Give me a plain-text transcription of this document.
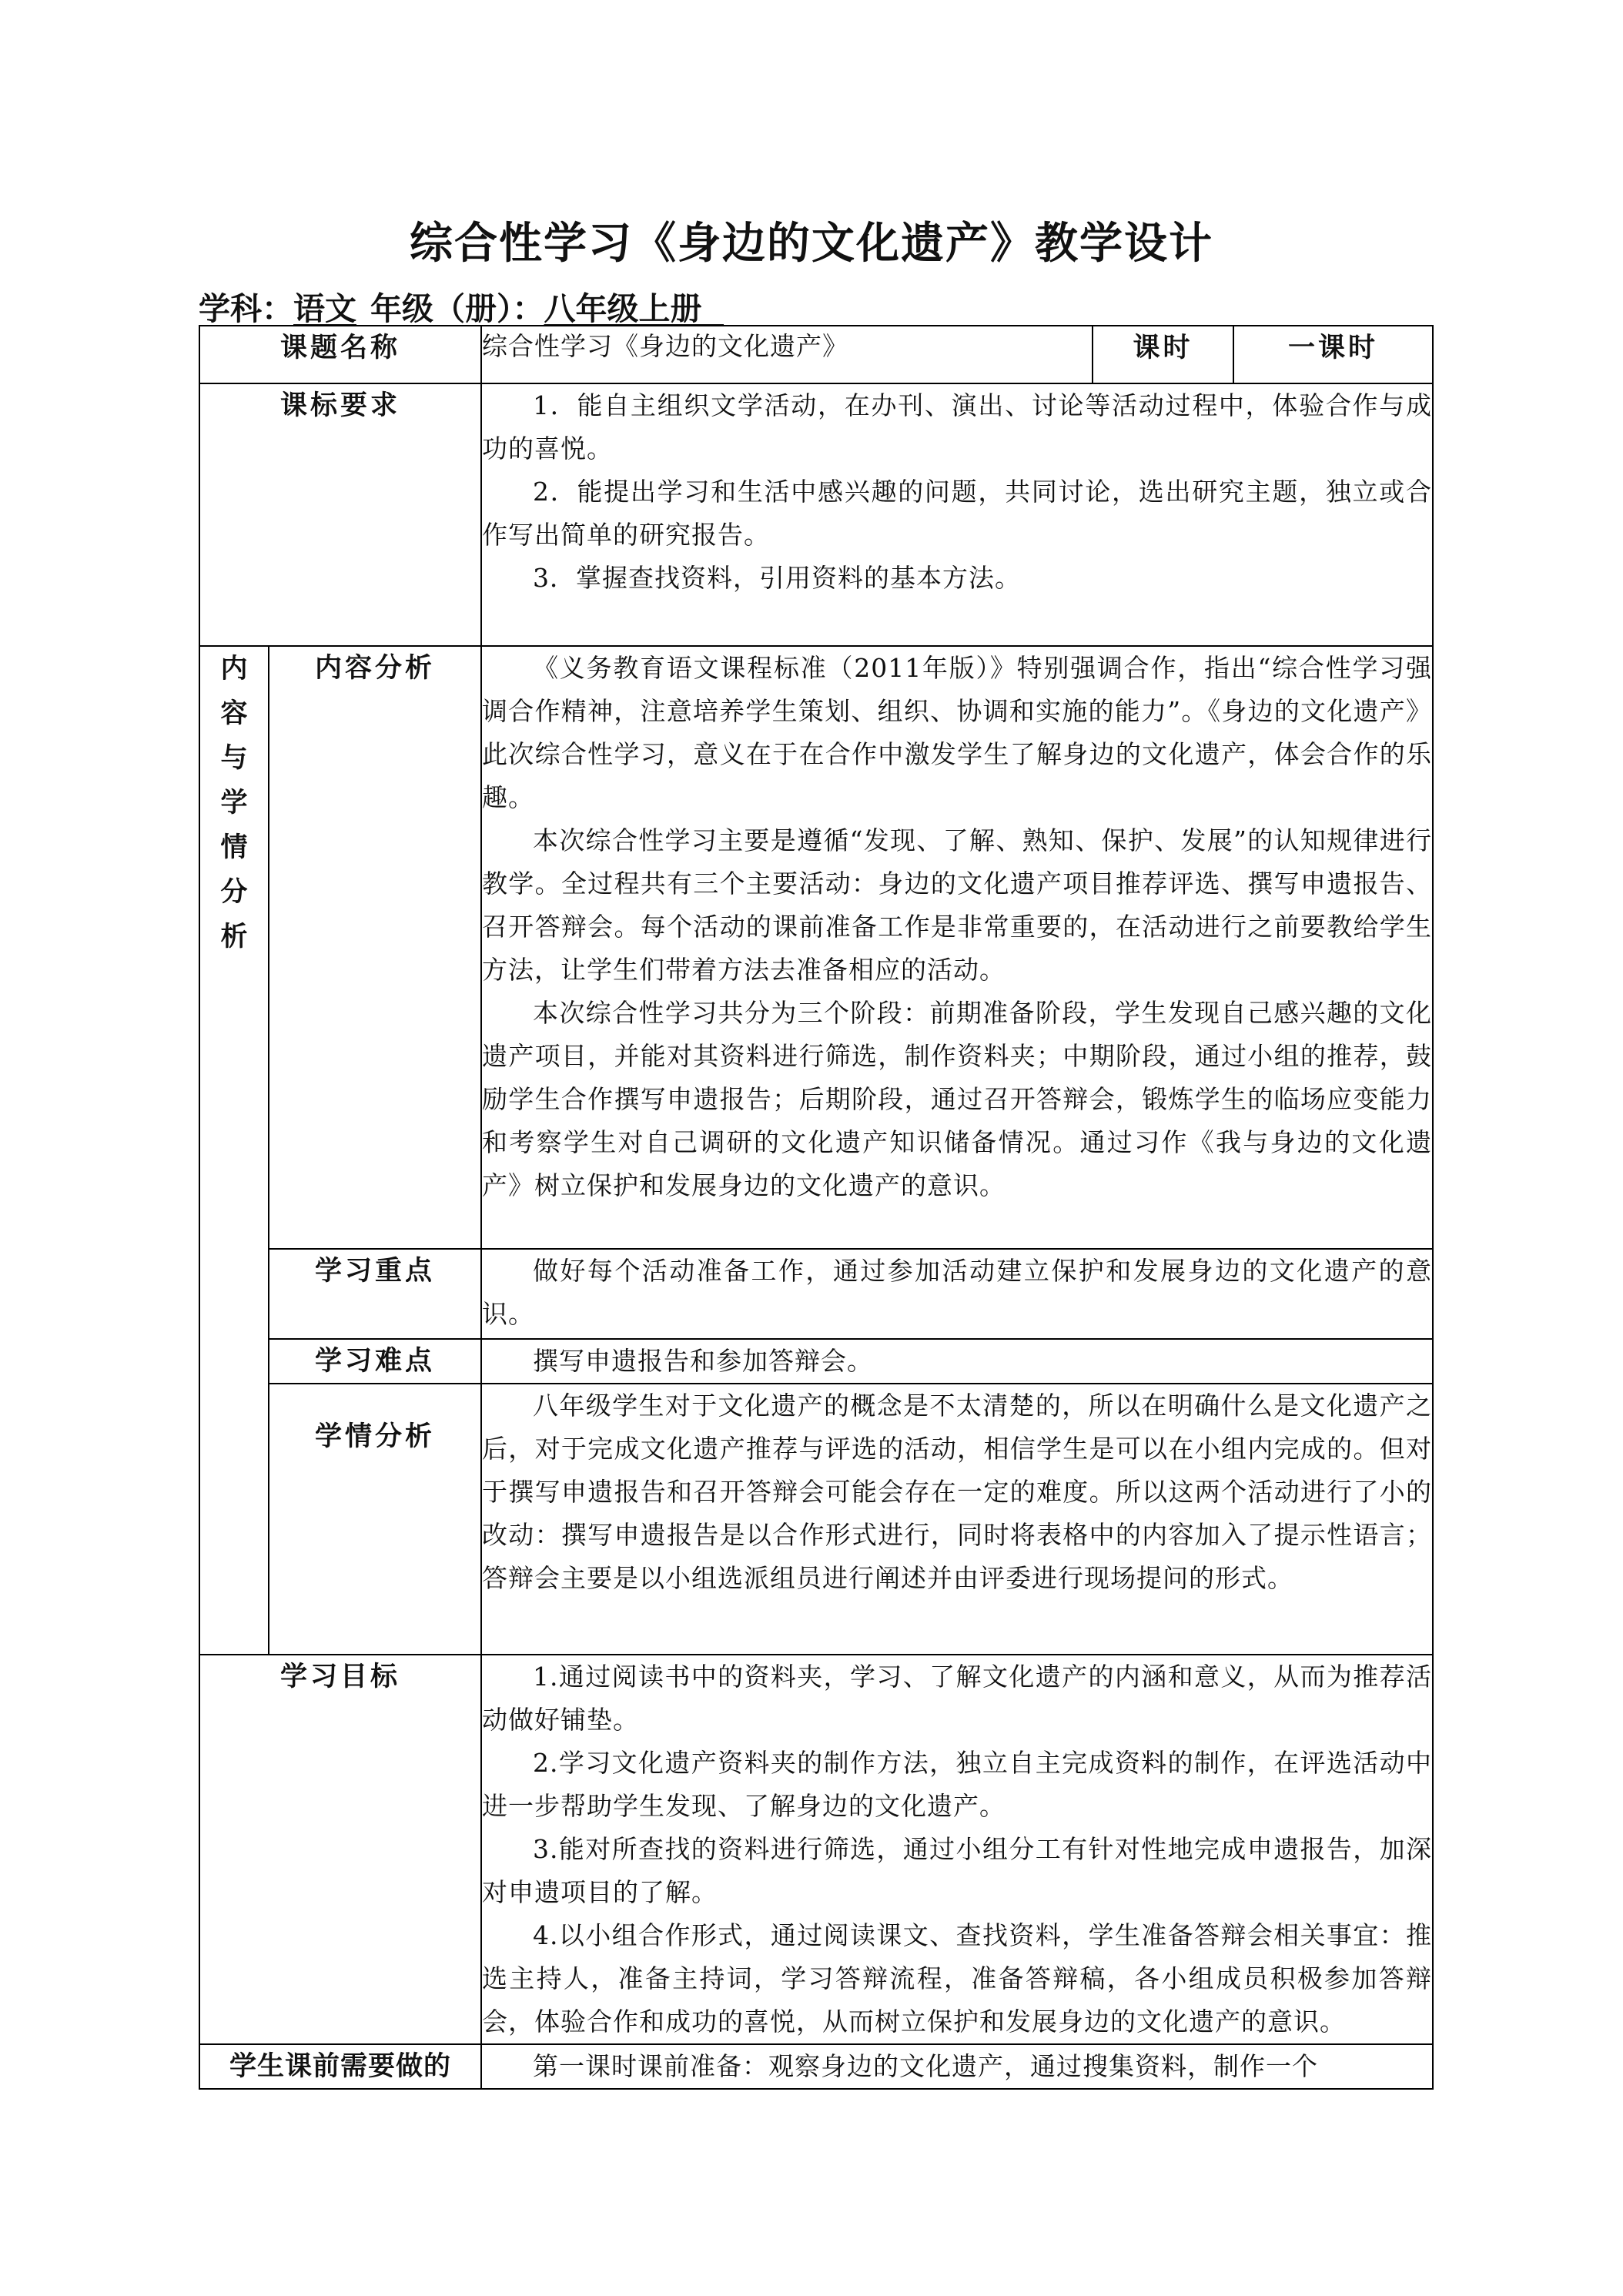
综合性学习《身边的文化遗产》教学设计
学科：语文 年级（册）：八年级上册
课题名称		综合性学习《身边的文化遗产》	课时	一课时
课标要求		1．能自主组织文学活动，在办刊、演出、讨论等活动过程中，体验合作与成功的喜悦。

2．能提出学习和生活中感兴趣的问题，共同讨论，选出研究主题，独立或合作写出简单的研究报告。

3．掌握查找资料，引用资料的基本方法。		

内容与学情分析	内容分析	《义务教育语文课程标准（2011年版）》特别强调合作，指出“综合性学习强调合作精神，注意培养学生策划、组织、协调和实施的能力”。《身边的文化遗产》此次综合性学习，意义在于在合作中激发学生了解身边的文化遗产，体会合作的乐趣。

本次综合性学习主要是遵循“发现、了解、熟知、保护、发展”的认知规律进行教学。全过程共有三个主要活动：身边的文化遗产项目推荐评选、撰写申遗报告、召开答辩会。每个活动的课前准备工作是非常重要的，在活动进行之前要教给学生方法，让学生们带着方法去准备相应的活动。

本次综合性学习共分为三个阶段：前期准备阶段，学生发现自己感兴趣的文化遗产项目，并能对其资料进行筛选，制作资料夹；中期阶段，通过小组的推荐，鼓励学生合作撰写申遗报告；后期阶段，通过召开答辩会，锻炼学生的临场应变能力和考察学生对自己调研的文化遗产知识储备情况。通过习作《我与身边的文化遗产》树立保护和发展身边的文化遗产的意识。		

	学习重点	做好每个活动准备工作，通过参加活动建立保护和发展身边的文化遗产的意识。		

	学习难点	撰写申遗报告和参加答辩会。		

	学情分析	八年级学生对于文化遗产的概念是不太清楚的，所以在明确什么是文化遗产之后，对于完成文化遗产推荐与评选的活动，相信学生是可以在小组内完成的。但对于撰写申遗报告和召开答辩会可能会存在一定的难度。所以这两个活动进行了小的改动：撰写申遗报告是以合作形式进行，同时将表格中的内容加入了提示性语言；答辩会主要是以小组选派组员进行阐述并由评委进行现场提问的形式。		

学习目标		1.通过阅读书中的资料夹，学习、了解文化遗产的内涵和意义，从而为推荐活动做好铺垫。

2.学习文化遗产资料夹的制作方法，独立自主完成资料的制作，在评选活动中进一步帮助学生发现、了解身边的文化遗产。

3.能对所查找的资料进行筛选，通过小组分工有针对性地完成申遗报告，加深对申遗项目的了解。

4.以小组合作形式，通过阅读课文、查找资料，学生准备答辩会相关事宜：推选主持人，准备主持词，学习答辩流程，准备答辩稿，各小组成员积极参加答辩会，体验合作和成功的喜悦，从而树立保护和发展身边的文化遗产的意识。		

学生课前需要做的		第一课时课前准备：观察身边的文化遗产，通过搜集资料，制作一个		
